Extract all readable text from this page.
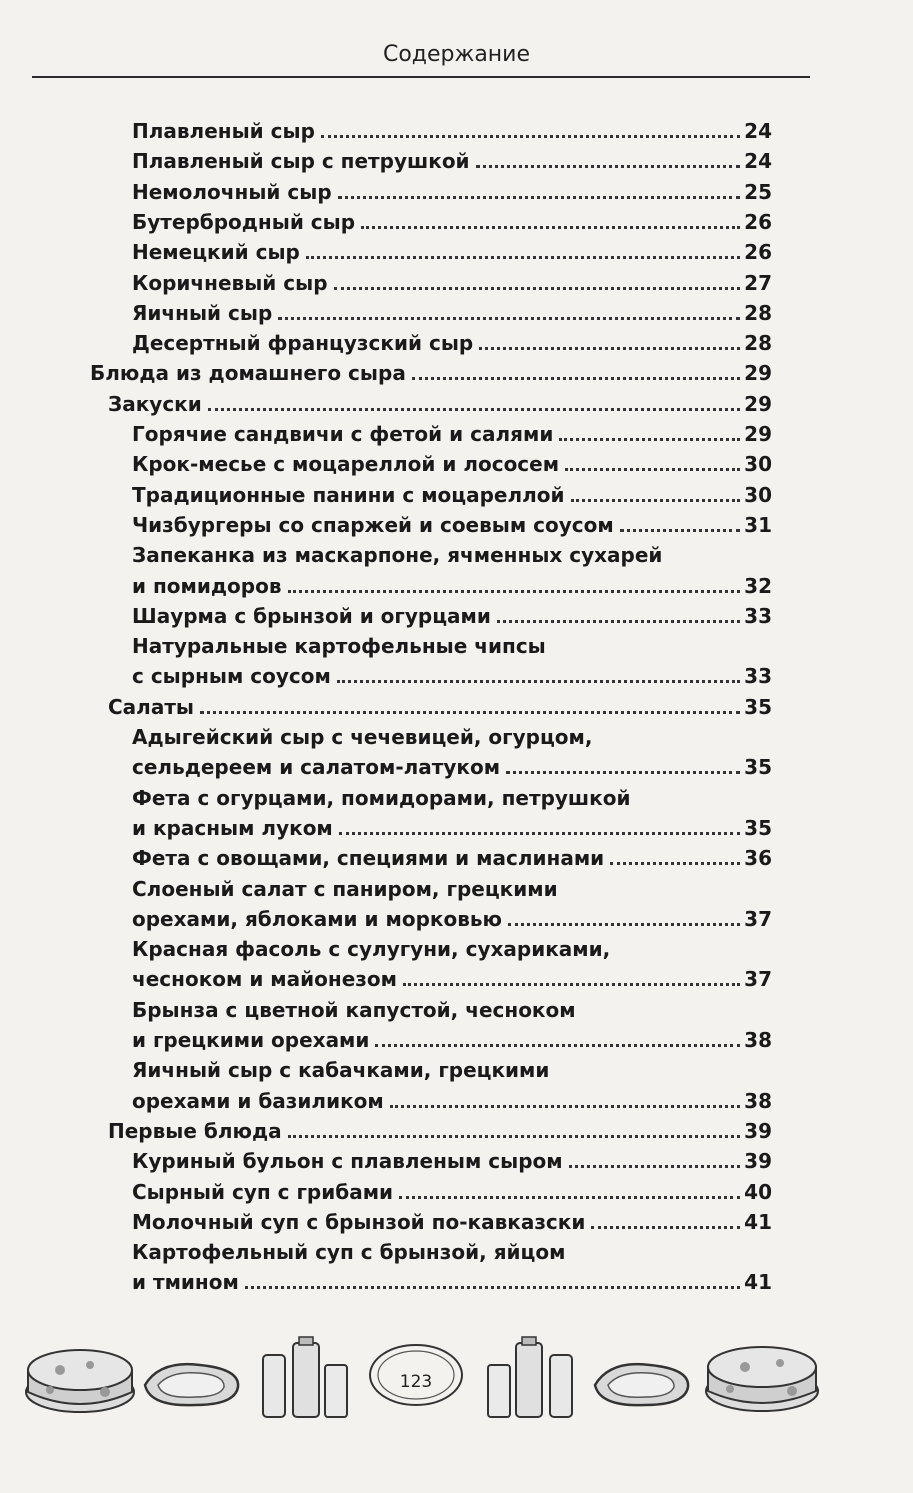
Содержание
Плавленый сыр	24
Плавленый сыр с петрушкой	24
Немолочный сыр	25
Бутербродный сыр	26
Немецкий сыр	26
Коричневый сыр	27
Яичный сыр	28
Десертный французский сыр	28
Блюда из домашнего сыра	29
Закуски	29
Горячие сандвичи с фетой и салями	29
Крок-месье с моцареллой и лососем	30
Традиционные панини с моцареллой	30
Чизбургеры со спаржей и соевым соусом	31
Запеканка из маскарпоне, ячменных сухарей
и помидоров	32
Шаурма с брынзой и огурцами	33
Натуральные картофельные чипсы
с сырным соусом	33
Салаты	35
Адыгейский сыр с чечевицей, огурцом,
сельдереем и салатом-латуком	35
Фета с огурцами, помидорами, петрушкой
и красным луком	35
Фета с овощами, специями и маслинами	36
Слоеный салат с паниром, грецкими
орехами, яблоками и морковью	37
Красная фасоль с сулугуни, сухариками,
чесноком и майонезом	37
Брынза с цветной капустой, чесноком
и грецкими орехами	38
Яичный сыр с кабачками, грецкими
орехами и базиликом	38
Первые блюда	39
Куриный бульон с плавленым сыром	39
Сырный суп с грибами	40
Молочный суп с брынзой по-кавказски	41
Картофельный суп с брынзой, яйцом
и тмином	41
123
